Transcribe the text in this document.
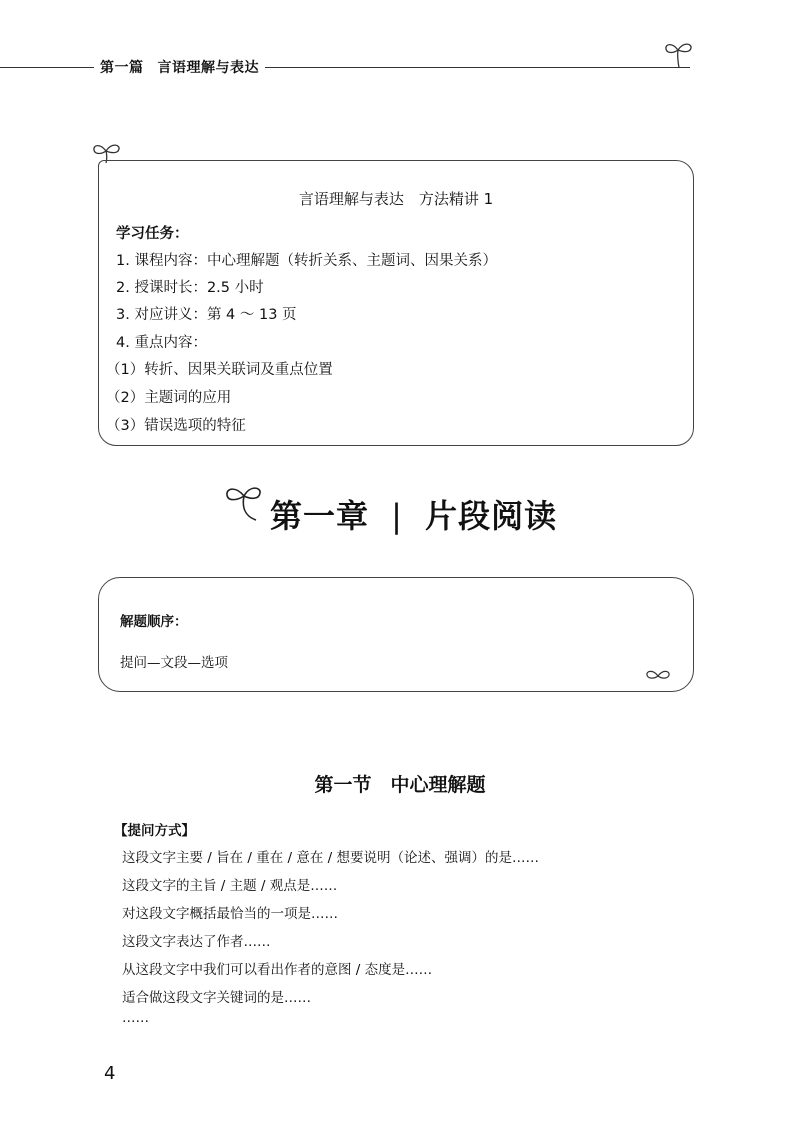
第一篇 言语理解与表达
言语理解与表达　方法精讲 1
学习任务：
1. 课程内容：中心理解题（转折关系、主题词、因果关系）
2. 授课时长：2.5 小时
3. 对应讲义：第 4 ～ 13 页
4. 重点内容：
（1）转折、因果关联词及重点位置
（2）主题词的应用
（3）错误选项的特征
第一章 | 片段阅读
解题顺序：
提问—文段—选项
第一节　中心理解题
【提问方式】
这段文字主要 / 旨在 / 重在 / 意在 / 想要说明（论述、强调）的是……
这段文字的主旨 / 主题 / 观点是……
对这段文字概括最恰当的一项是……
这段文字表达了作者……
从这段文字中我们可以看出作者的意图 / 态度是……
适合做这段文字关键词的是……
……
4
